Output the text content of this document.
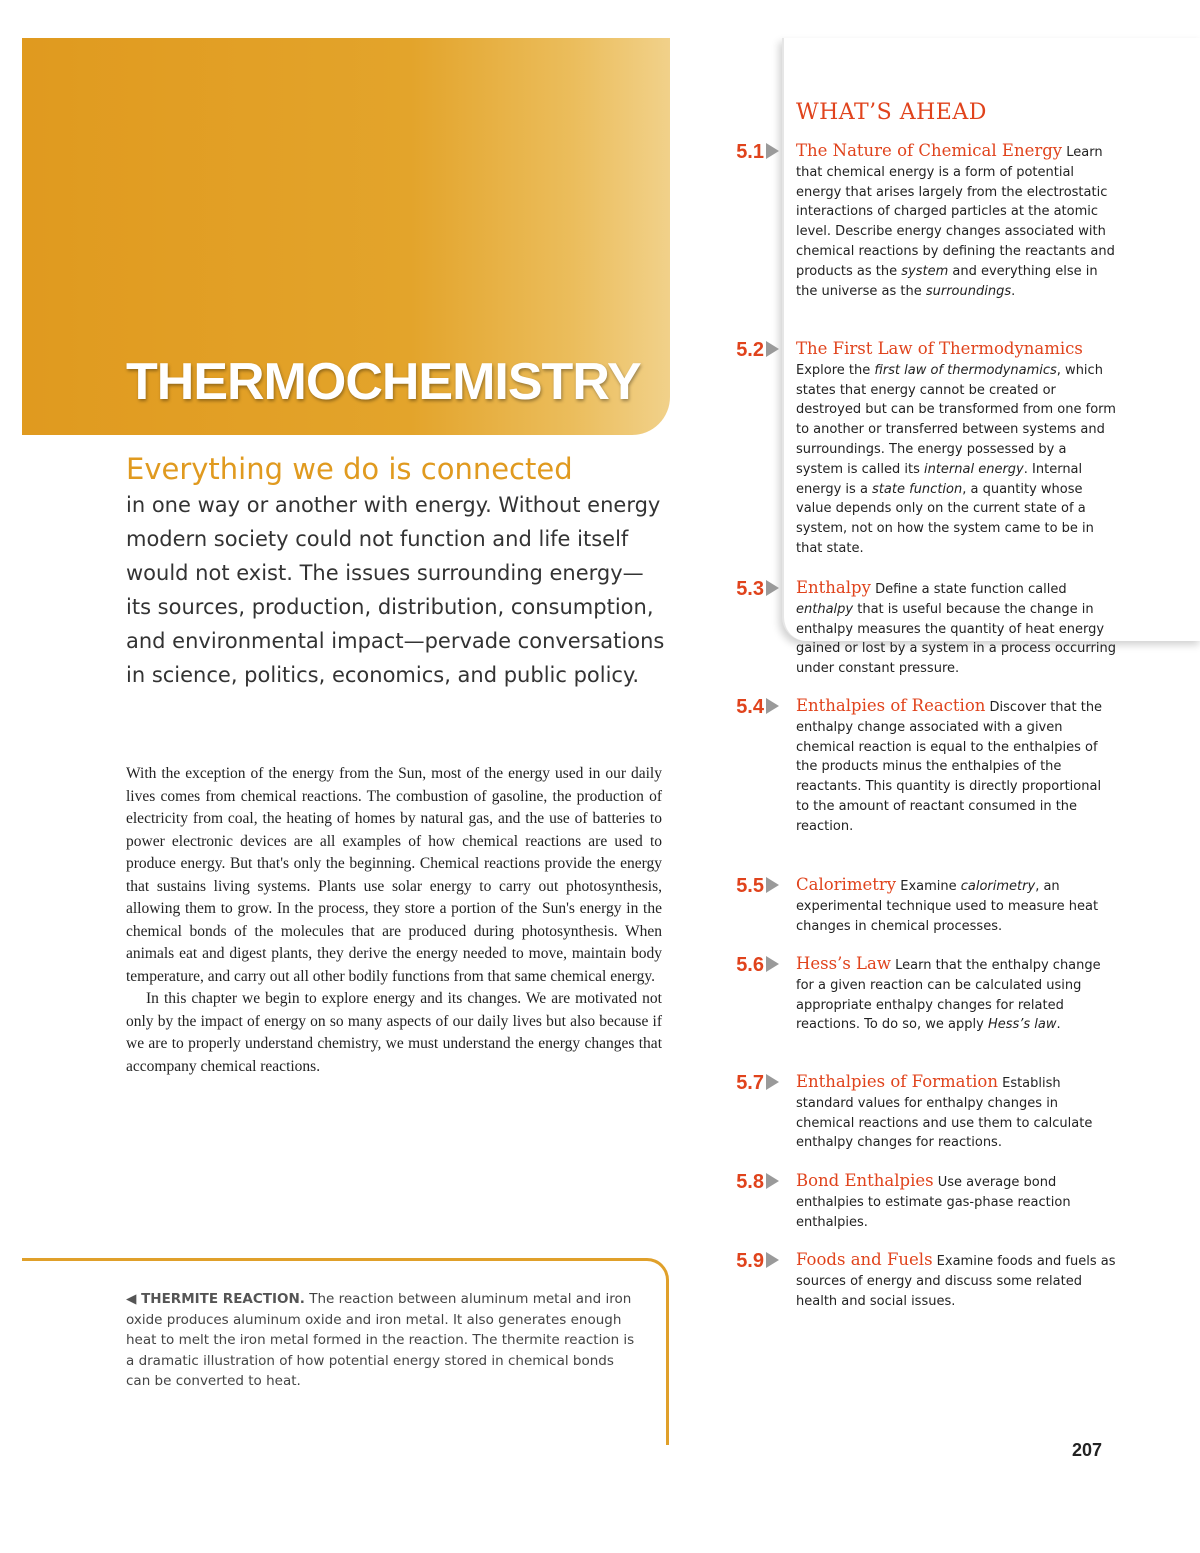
THERMOCHEMISTRY
Everything we do is connected
in one way or another with energy. Without energy modern society could not function and life itself would not exist. The issues surrounding energy—its sources, production, distribution, consumption, and environmental impact—pervade conversations in science, politics, economics, and public policy.

With the exception of the energy from the Sun, most of the energy used in our daily lives comes from chemical reactions. The combustion of gasoline, the production of electricity from coal, the heating of homes by natural gas, and the use of batteries to power electronic devices are all examples of how chemical reactions are used to produce energy. But that's only the beginning. Chemical reactions provide the energy that sustains living systems. Plants use solar energy to carry out photosynthesis, allowing them to grow. In the process, they store a portion of the Sun's energy in the chemical bonds of the molecules that are produced during photosynthesis. When animals eat and digest plants, they derive the energy needed to move, maintain body temperature, and carry out all other bodily functions from that same chemical energy.

In this chapter we begin to explore energy and its changes. We are motivated not only by the impact of energy on so many aspects of our daily lives but also because if we are to properly understand chemistry, we must understand the energy changes that accompany chemical reactions.

◀ THERMITE REACTION. The reaction between aluminum metal and iron oxide produces aluminum oxide and iron metal. It also generates enough heat to melt the iron metal formed in the reaction. The thermite reaction is a dramatic illustration of how potential energy stored in chemical bonds can be converted to heat.
WHAT’S AHEAD
5.1 The Nature of Chemical Energy Learn that chemical energy is a form of potential energy that arises largely from the electrostatic interactions of charged particles at the atomic level. Describe energy changes associated with chemical reactions by defining the reactants and products as the system and everything else in the universe as the surroundings.
5.2 The First Law of Thermodynamics Explore the first law of thermodynamics, which states that energy cannot be created or destroyed but can be transformed from one form to another or transferred between systems and surroundings. The energy possessed by a system is called its internal energy. Internal energy is a state function, a quantity whose value depends only on the current state of a system, not on how the system came to be in that state.
5.3 Enthalpy Define a state function called enthalpy that is useful because the change in enthalpy measures the quantity of heat energy gained or lost by a system in a process occurring under constant pressure.
5.4 Enthalpies of Reaction Discover that the enthalpy change associated with a given chemical reaction is equal to the enthalpies of the products minus the enthalpies of the reactants. This quantity is directly proportional to the amount of reactant consumed in the reaction.
5.5 Calorimetry Examine calorimetry, an experimental technique used to measure heat changes in chemical processes.
5.6 Hess’s Law Learn that the enthalpy change for a given reaction can be calculated using appropriate enthalpy changes for related reactions. To do so, we apply Hess’s law.
5.7 Enthalpies of Formation Establish standard values for enthalpy changes in chemical reactions and use them to calculate enthalpy changes for reactions.
5.8 Bond Enthalpies Use average bond enthalpies to estimate gas-phase reaction enthalpies.
5.9 Foods and Fuels Examine foods and fuels as sources of energy and discuss some related health and social issues.
207
